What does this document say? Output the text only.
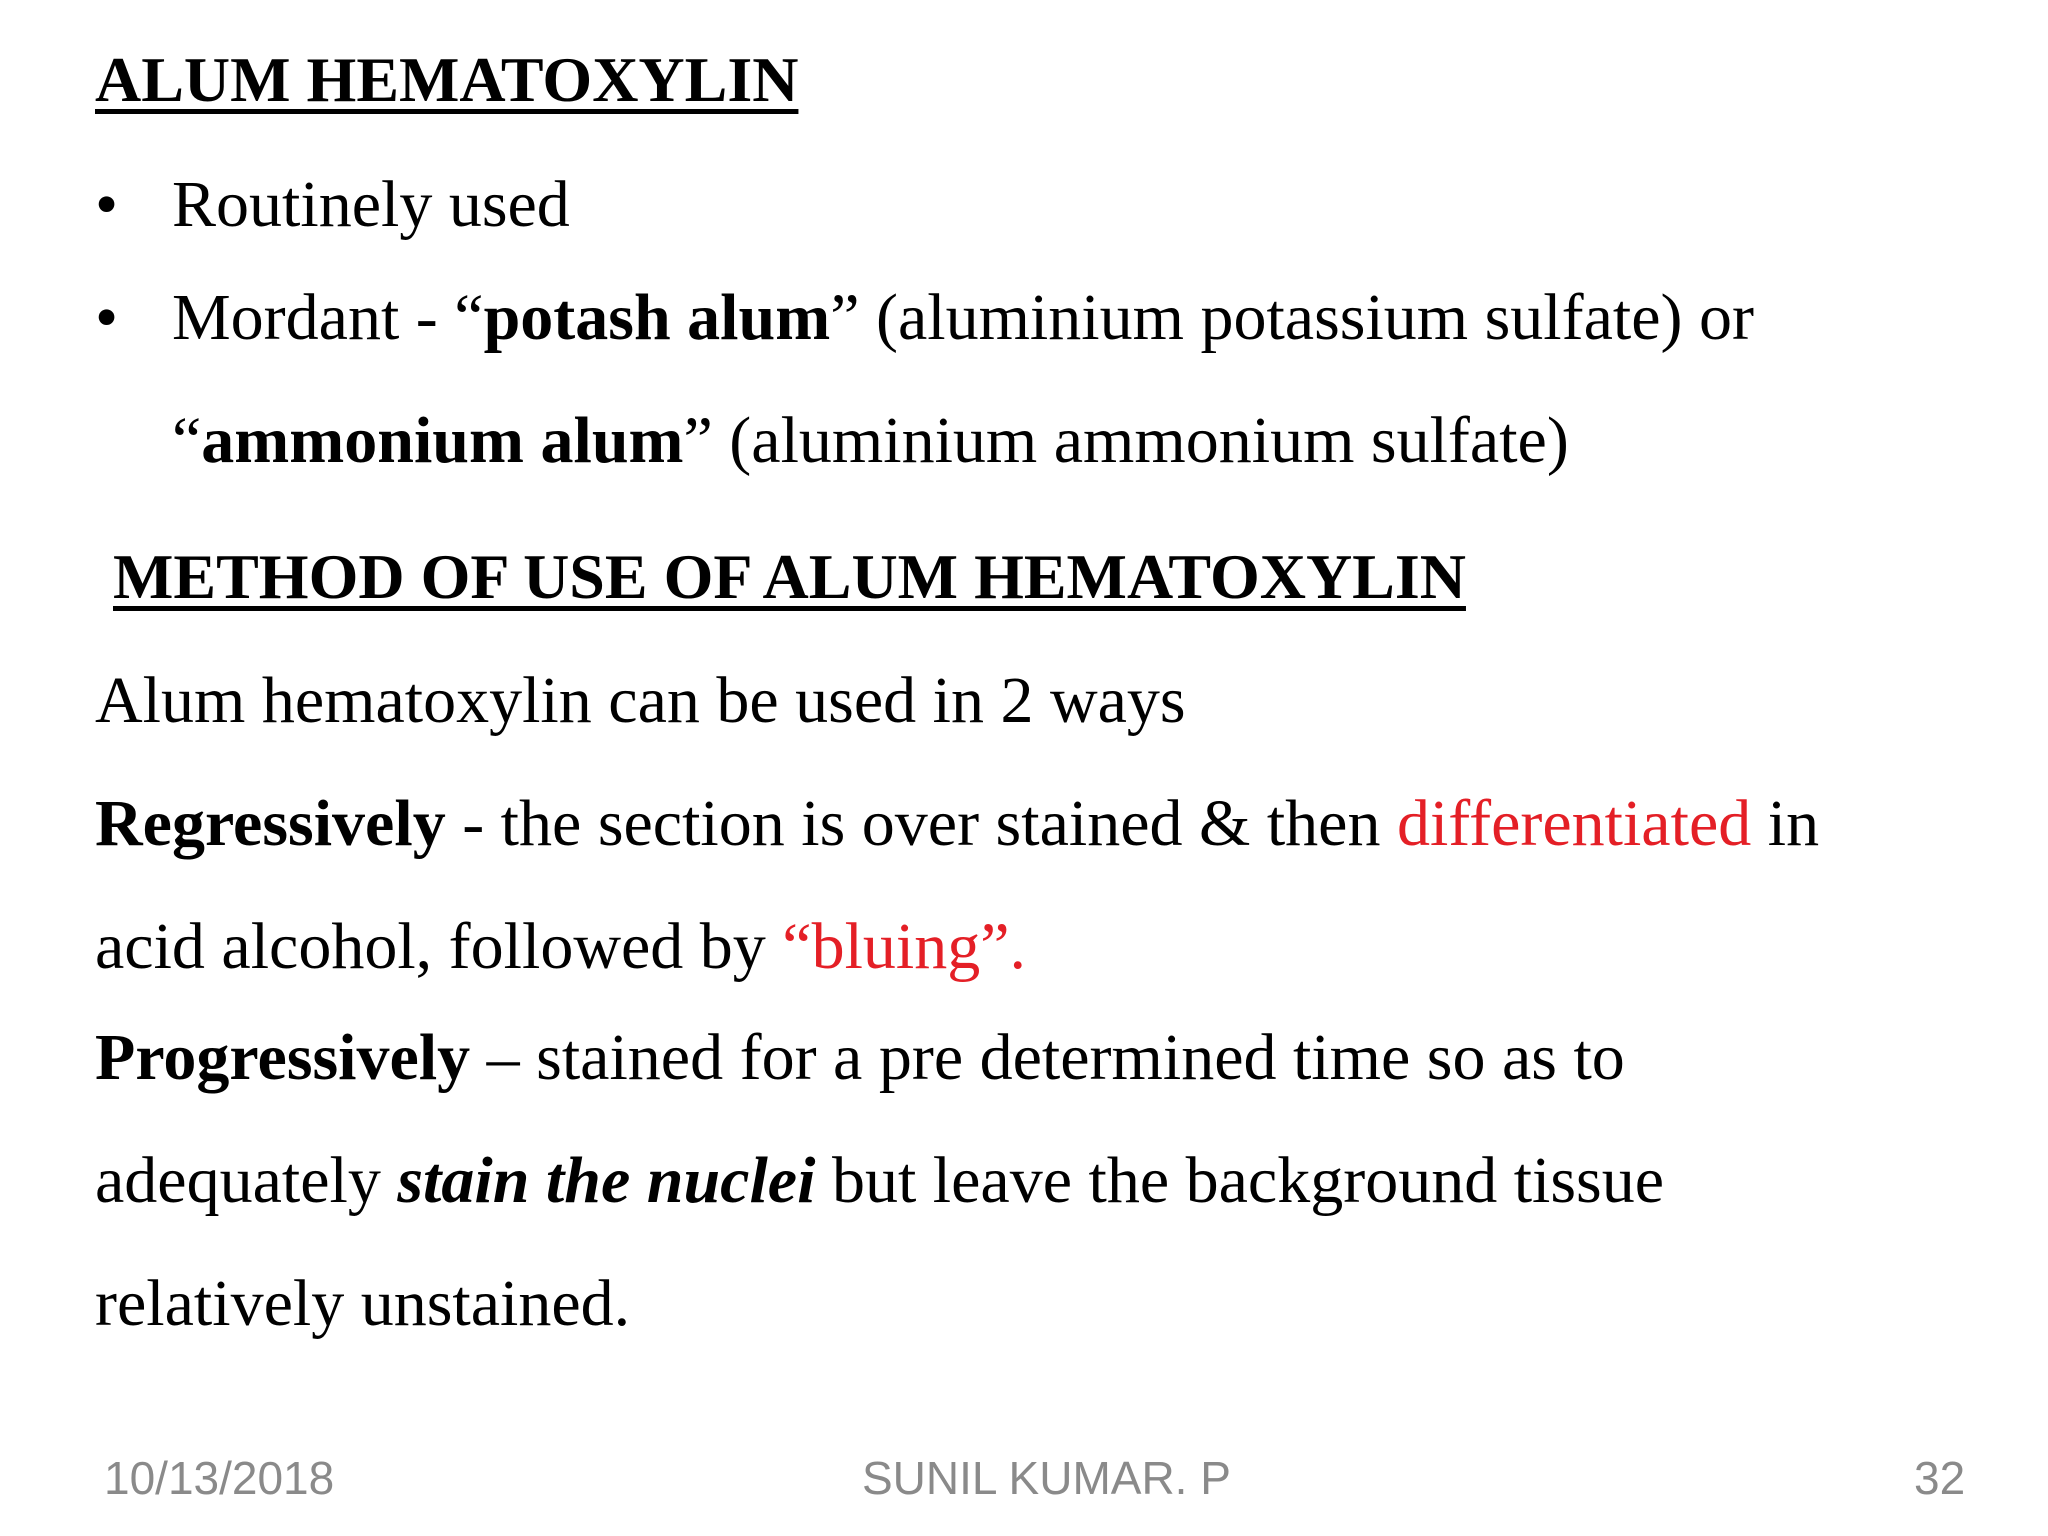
ALUM HEMATOXYLIN
• Routinely used
• Mordant - “potash alum” (aluminium potassium sulfate) or
“ammonium alum” (aluminium ammonium sulfate)
METHOD OF USE OF ALUM HEMATOXYLIN
Alum hematoxylin can be used in 2 ways
Regressively - the section is over stained & then differentiated in
acid alcohol, followed by “bluing”.
Progressively – stained for a pre determined time so as to
adequately stain the nuclei but leave the background tissue
relatively unstained.
10/13/2018	SUNIL KUMAR. P	32
